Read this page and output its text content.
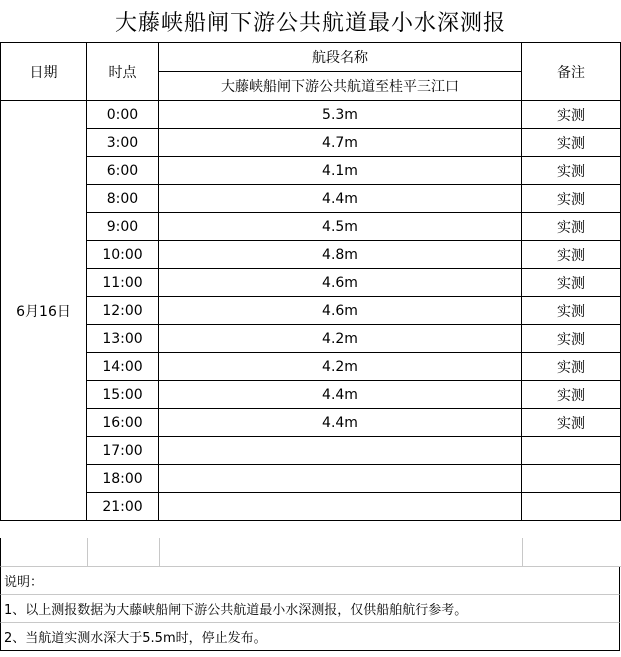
大藤峡船闸下游公共航道最小水深测报
日期	时点	航段名称	备注
		大藤峡船闸下游公共航道至桂平三江口	
6月16日	0:00	5.3m	实测
	3:00	4.7m	实测
	6:00	4.1m	实测
	8:00	4.4m	实测
	9:00	4.5m	实测
	10:00	4.8m	实测
	11:00	4.6m	实测
	12:00	4.6m	实测
	13:00	4.2m	实测
	14:00	4.2m	实测
	15:00	4.4m	实测
	16:00	4.4m	实测
	17:00		
	18:00		
	21:00		
说明：
1、以上测报数据为大藤峡船闸下游公共航道最小水深测报，仅供船舶航行参考。
2、当航道实测水深大于5.5m时，停止发布。
